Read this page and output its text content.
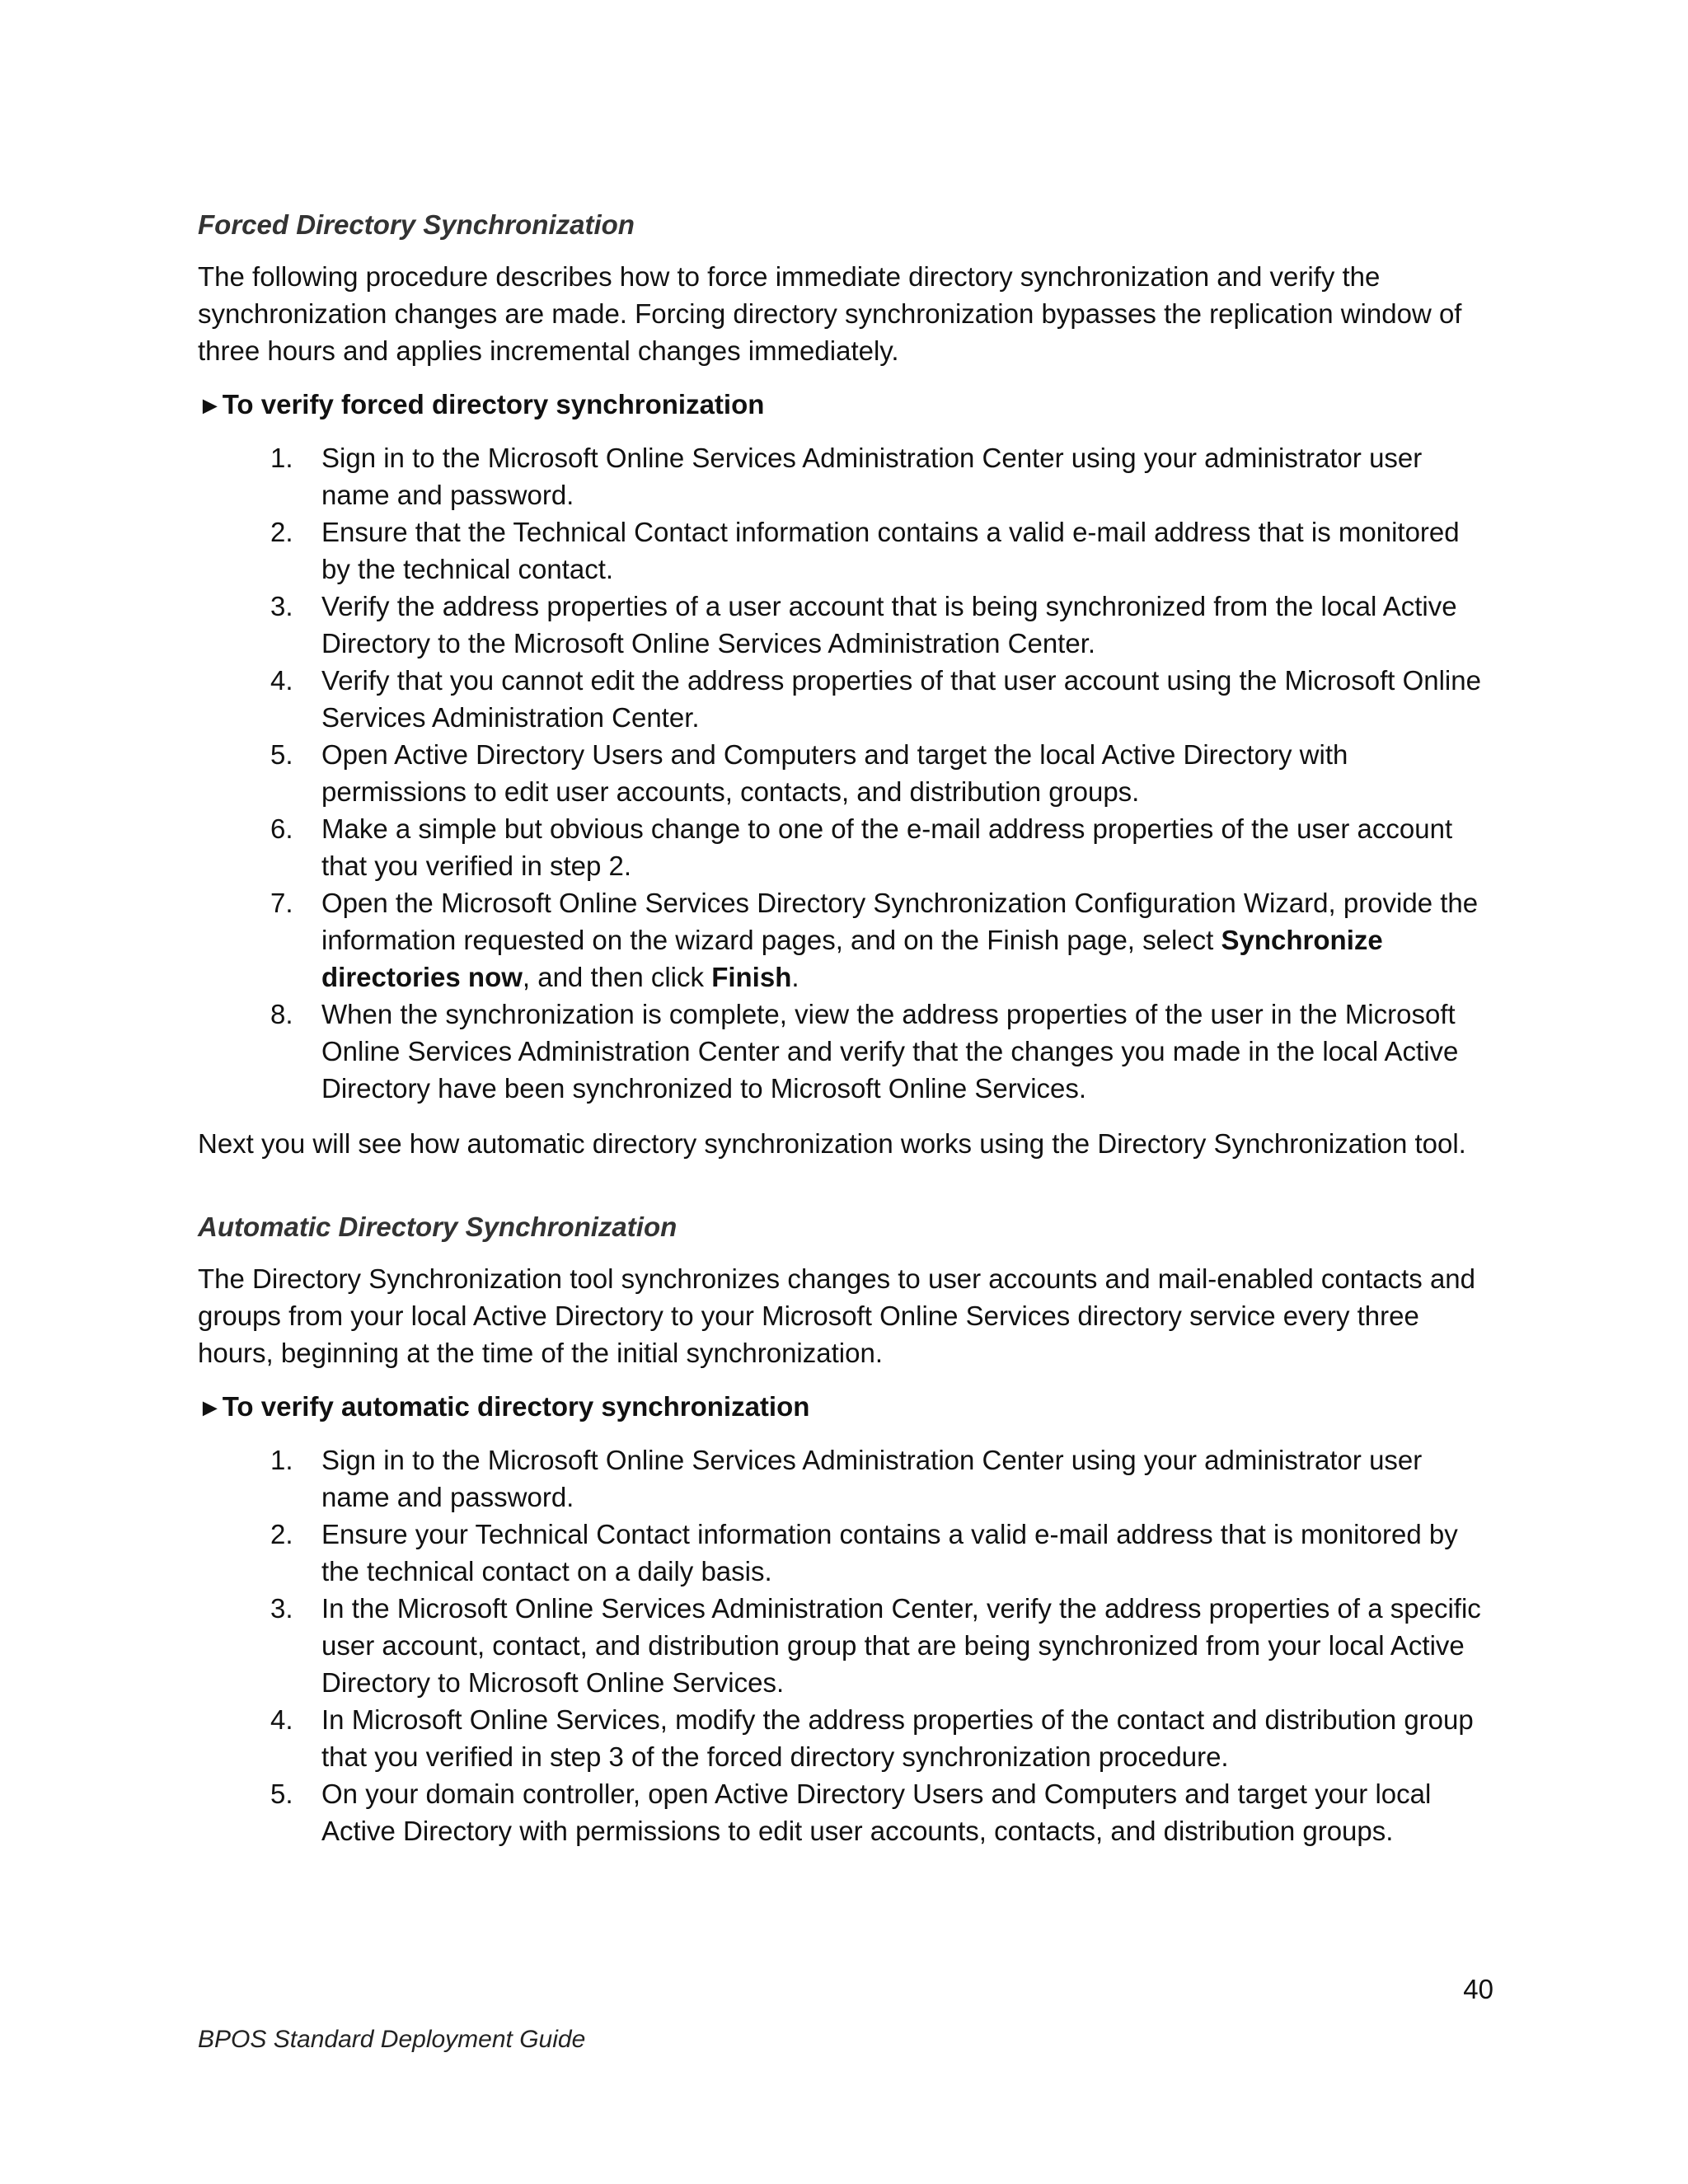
Forced Directory Synchronization
The following procedure describes how to force immediate directory synchronization and verify the synchronization changes are made. Forcing directory synchronization bypasses the replication window of three hours and applies incremental changes immediately.
►To verify forced directory synchronization
1.	Sign in to the Microsoft Online Services Administration Center using your administrator user name and password.
2.	Ensure that the Technical Contact information contains a valid e-mail address that is monitored by the technical contact.
3.	Verify the address properties of a user account that is being synchronized from the local Active Directory to the Microsoft Online Services Administration Center.
4.	Verify that you cannot edit the address properties of that user account using the Microsoft Online Services Administration Center.
5.	Open Active Directory Users and Computers and target the local Active Directory with permissions to edit user accounts, contacts, and distribution groups.
6.	Make a simple but obvious change to one of the e-mail address properties of the user account that you verified in step 2.
7.	Open the Microsoft Online Services Directory Synchronization Configuration Wizard, provide the information requested on the wizard pages, and on the Finish page, select Synchronize directories now, and then click Finish.
8.	When the synchronization is complete, view the address properties of the user in the Microsoft Online Services Administration Center and verify that the changes you made in the local Active Directory have been synchronized to Microsoft Online Services.
Next you will see how automatic directory synchronization works using the Directory Synchronization tool.
Automatic Directory Synchronization
The Directory Synchronization tool synchronizes changes to user accounts and mail-enabled contacts and groups from your local Active Directory to your Microsoft Online Services directory service every three hours, beginning at the time of the initial synchronization.
►To verify automatic directory synchronization
1.	Sign in to the Microsoft Online Services Administration Center using your administrator user name and password.
2.	Ensure your Technical Contact information contains a valid e-mail address that is monitored by the technical contact on a daily basis.
3.	In the Microsoft Online Services Administration Center, verify the address properties of a specific user account, contact, and distribution group that are being synchronized from your local Active Directory to Microsoft Online Services.
4.	In Microsoft Online Services, modify the address properties of the contact and distribution group that you verified in step 3 of the forced directory synchronization procedure.
5.	On your domain controller, open Active Directory Users and Computers and target your local Active Directory with permissions to edit user accounts, contacts, and distribution groups.
40
BPOS Standard Deployment Guide
